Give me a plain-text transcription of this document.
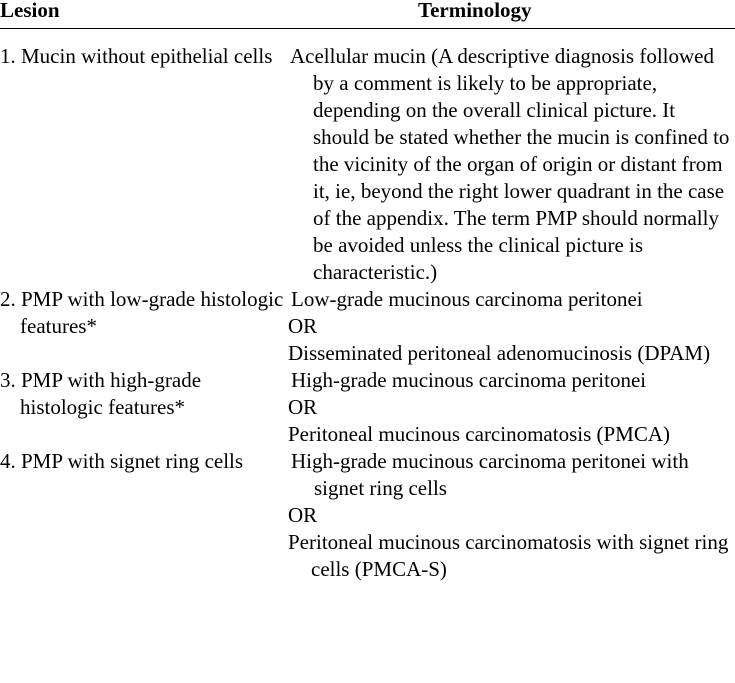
Lesion	Terminology
1. Mucin without epithelial cells Acellular mucin (A descriptive diagnosis followed by a comment is likely to be appropriate, depending on the overall clinical picture. It should be stated whether the mucin is confined to the vicinity of the organ of origin or distant from it, ie, beyond the right lower quadrant in the case of the appendix. The term PMP should normally be avoided unless the clinical picture is characteristic.)
2. PMP with low-grade histologic features*
Low-grade mucinous carcinoma peritonei
OR
Disseminated peritoneal adenomucinosis (DPAM)
3. PMP with high-grade histologic features*
High-grade mucinous carcinoma peritonei
OR
Peritoneal mucinous carcinomatosis (PMCA)
4. PMP with signet ring cells	High-grade mucinous carcinoma peritonei with signet ring cells
OR
Peritoneal mucinous carcinomatosis with signet ring cells (PMCA-S)
